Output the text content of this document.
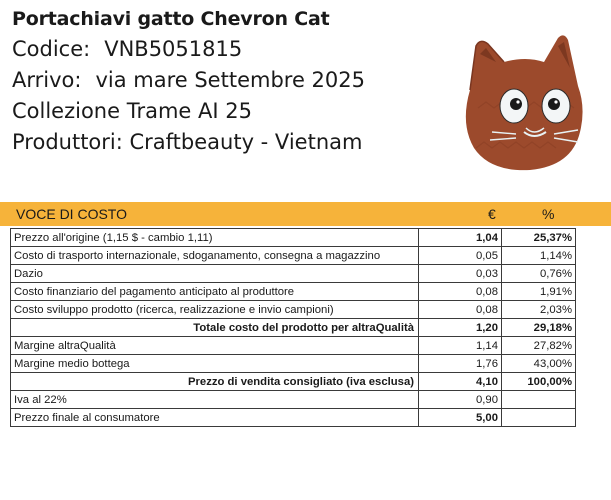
Portachiavi gatto Chevron Cat
Codice: VNB5051815
Arrivo: via mare Settembre 2025
Collezione Trame AI 25
Produttori: Craftbeauty - Vietnam
VOCE DI COSTO	€	%
Prezzo all'origine (1,15 $ - cambio 1,11)	1,04	25,37%
Costo di trasporto internazionale, sdoganamento, consegna a magazzino	0,05	1,14%
Dazio	0,03	0,76%
Costo finanziario del pagamento anticipato al produttore	0,08	1,91%
Costo sviluppo prodotto (ricerca, realizzazione e invio campioni)	0,08	2,03%
Totale costo del prodotto per altraQualità	1,20	29,18%
Margine altraQualità	1,14	27,82%
Margine medio bottega	1,76	43,00%
Prezzo di vendita consigliato (iva esclusa)	4,10	100,00%
Iva al 22%	0,90	
Prezzo finale al consumatore	5,00	
